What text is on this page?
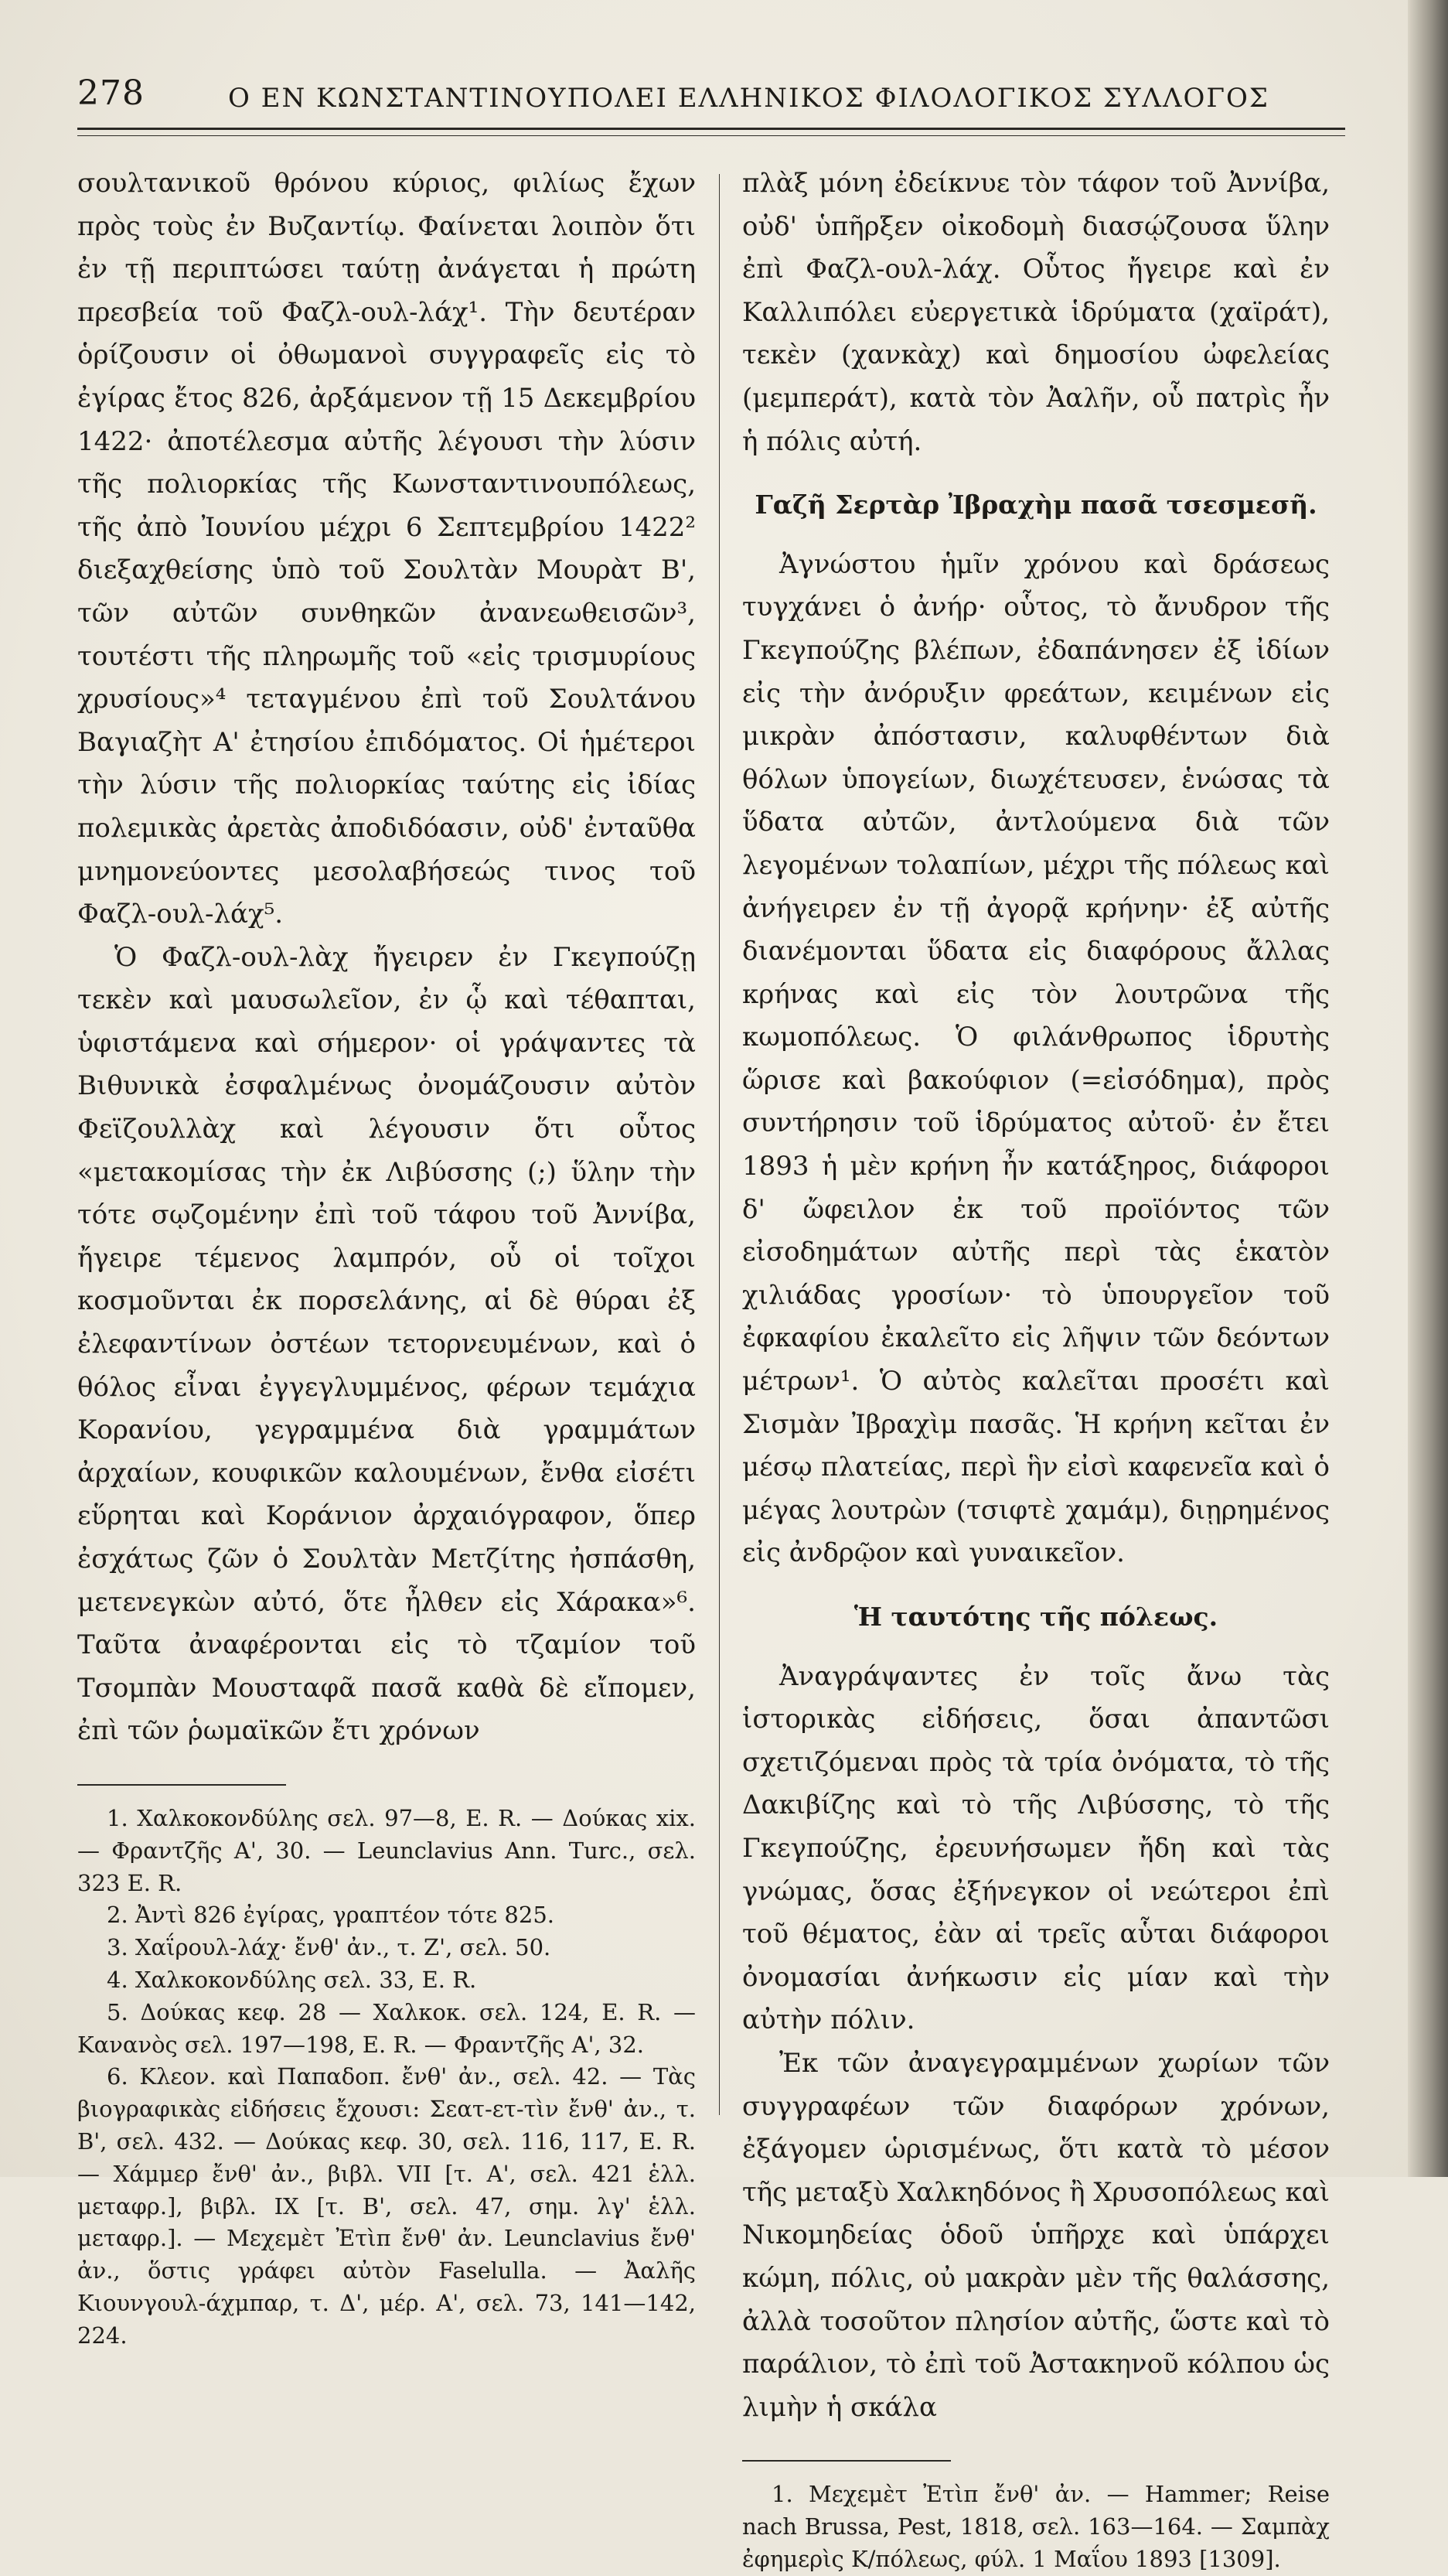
278	Ο ΕΝ ΚΩΝΣΤΑΝΤΙΝΟΥΠΟΛΕΙ ΕΛΛΗΝΙΚΟΣ ΦΙΛΟΛΟΓΙΚΟΣ ΣΥΛΛΟΓΟΣ

σουλτανικοῦ θρόνου κύριος, φιλίως ἔχων πρὸς τοὺς ἐν Βυζαντίῳ. Φαίνεται λοιπὸν ὅτι ἐν τῇ περιπτώσει ταύτῃ ἀνάγεται ἡ πρώτη πρεσβεία τοῦ Φαζλ-ουλ-λάχ¹. Τὴν δευτέραν ὁρίζουσιν οἱ ὀθωμανοὶ συγγραφεῖς εἰς τὸ ἐγίρας ἔτος 826, ἀρξάμενον τῇ 15 Δεκεμβρίου 1422· ἀποτέλεσμα αὐτῆς λέγουσι τὴν λύσιν τῆς πολιορκίας τῆς Κωνσταντινουπόλεως, τῆς ἀπὸ Ἰουνίου μέχρι 6 Σεπτεμβρίου 1422² διεξαχθείσης ὑπὸ τοῦ Σουλτὰν Μουρὰτ Β', τῶν αὐτῶν συνθηκῶν ἀνανεωθεισῶν³, τουτέστι τῆς πληρωμῆς τοῦ «εἰς τρισμυρίους χρυσίους»⁴ τεταγμένου ἐπὶ τοῦ Σουλτάνου Βαγιαζὴτ Α' ἐτησίου ἐπιδόματος. Οἱ ἡμέτεροι τὴν λύσιν τῆς πολιορκίας ταύτης εἰς ἰδίας πολεμικὰς ἀρετὰς ἀποδιδόασιν, οὐδ' ἐνταῦθα μνημονεύοντες μεσολαβήσεώς τινος τοῦ Φαζλ-ουλ-λάχ⁵.

Ὁ Φαζλ-ουλ-λὰχ ἤγειρεν ἐν Γκεγπούζῃ τεκὲν καὶ μαυσωλεῖον, ἐν ᾧ καὶ τέθαπται, ὑφιστάμενα καὶ σήμερον· οἱ γράψαντες τὰ Βιθυνικὰ ἐσφαλμένως ὀνομάζουσιν αὐτὸν Φεϊζουλλὰχ καὶ λέγουσιν ὅτι οὗτος «μετακομίσας τὴν ἐκ Λιβύσσης (;) ὕλην τὴν τότε σῳζομένην ἐπὶ τοῦ τάφου τοῦ Ἀννίβα, ἤγειρε τέμενος λαμπρόν, οὗ οἱ τοῖχοι κοσμοῦνται ἐκ πορσελάνης, αἱ δὲ θύραι ἐξ ἐλεφαντίνων ὀστέων τετορνευμένων, καὶ ὁ θόλος εἶναι ἐγγεγλυμμένος, φέρων τεμάχια Κορανίου, γεγραμμένα διὰ γραμμάτων ἀρχαίων, κουφικῶν καλουμένων, ἔνθα εἰσέτι εὕρηται καὶ Κοράνιον ἀρχαιόγραφον, ὅπερ ἐσχάτως ζῶν ὁ Σουλτὰν Μετζίτης ἠσπάσθη, μετενεγκὼν αὐτό, ὅτε ἦλθεν εἰς Χάρακα»⁶. Ταῦτα ἀναφέρονται εἰς τὸ τζαμίον τοῦ Τσομπὰν Μουσταφᾶ πασᾶ καθὰ δὲ εἴπομεν, ἐπὶ τῶν ῥωμαϊκῶν ἔτι χρόνων

1. Χαλκοκονδύλης σελ. 97—8, E. R. — Δούκας xix. — Φραντζῆς Α', 30. — Leunclavius Ann. Turc., σελ. 323 E. R.

2. Ἀντὶ 826 ἐγίρας, γραπτέον τότε 825.

3. Χαΐρουλ-λάχ· ἔνθ' ἀν., τ. Ζ', σελ. 50.

4. Χαλκοκονδύλης σελ. 33, E. R.

5. Δούκας κεφ. 28 — Χαλκοκ. σελ. 124, E. R. — Κανανὸς σελ. 197—198, E. R. — Φραντζῆς Α', 32.

6. Κλεον. καὶ Παπαδοπ. ἔνθ' ἀν., σελ. 42. — Τὰς βιογραφικὰς εἰδήσεις ἔχουσι: Σεατ-ετ-τὶν ἔνθ' ἀν., τ. Β', σελ. 432. — Δούκας κεφ. 30, σελ. 116, 117, E. R. — Χάμμερ ἔνθ' ἀν., βιβλ. VII [τ. Α', σελ. 421 ἑλλ. μεταφρ.], βιβλ. IX [τ. Β', σελ. 47, σημ. λγ' ἑλλ. μεταφρ.]. — Μεχεμὲτ Ἐτὶπ ἔνθ' ἀν. Leunclavius ἔνθ' ἀν., ὅστις γράφει αὐτὸν Faselulla. — Ἀαλῆς Κιουνγουλ-άχμπαρ, τ. Δ', μέρ. Α', σελ. 73, 141—142, 224.

πλὰξ μόνη ἐδείκνυε τὸν τάφον τοῦ Ἀννίβα, οὐδ' ὑπῆρξεν οἰκοδομὴ διασῴζουσα ὕλην ἐπὶ Φαζλ-ουλ-λάχ. Οὗτος ἤγειρε καὶ ἐν Καλλιπόλει εὐεργετικὰ ἱδρύματα (χαϊράτ), τεκὲν (χανκὰχ) καὶ δημοσίου ὠφελείας (μεμπεράτ), κατὰ τὸν Ἀαλῆν, οὗ πατρὶς ἦν ἡ πόλις αὐτή.

Γαζῆ Σερτὰρ Ἰβραχὴμ πασᾶ τσεσμεσῆ.

Ἀγνώστου ἡμῖν χρόνου καὶ δράσεως τυγχάνει ὁ ἀνήρ· οὗτος, τὸ ἄνυδρον τῆς Γκεγπούζης βλέπων, ἐδαπάνησεν ἐξ ἰδίων εἰς τὴν ἀνόρυξιν φρεάτων, κειμένων εἰς μικρὰν ἀπόστασιν, καλυφθέντων διὰ θόλων ὑπογείων, διωχέτευσεν, ἑνώσας τὰ ὕδατα αὐτῶν, ἀντλούμενα διὰ τῶν λεγομένων τολαπίων, μέχρι τῆς πόλεως καὶ ἀνήγειρεν ἐν τῇ ἀγορᾷ κρήνην· ἐξ αὐτῆς διανέμονται ὕδατα εἰς διαφόρους ἄλλας κρήνας καὶ εἰς τὸν λουτρῶνα τῆς κωμοπόλεως. Ὁ φιλάνθρωπος ἱδρυτὴς ὥρισε καὶ βακούφιον (=εἰσόδημα), πρὸς συντήρησιν τοῦ ἱδρύματος αὐτοῦ· ἐν ἔτει 1893 ἡ μὲν κρήνη ἦν κατάξηρος, διάφοροι δ' ὤφειλον ἐκ τοῦ προϊόντος τῶν εἰσοδημάτων αὐτῆς περὶ τὰς ἑκατὸν χιλιάδας γροσίων· τὸ ὑπουργεῖον τοῦ ἐφκαφίου ἐκαλεῖτο εἰς λῆψιν τῶν δεόντων μέτρων¹. Ὁ αὐτὸς καλεῖται προσέτι καὶ Σισμὰν Ἰβραχὶμ πασᾶς. Ἡ κρήνη κεῖται ἐν μέσῳ πλατείας, περὶ ἣν εἰσὶ καφενεῖα καὶ ὁ μέγας λουτρὼν (τσιφτὲ χαμάμ), διῃρημένος εἰς ἀνδρῷον καὶ γυναικεῖον.

Ἡ ταυτότης τῆς πόλεως.

Ἀναγράψαντες ἐν τοῖς ἄνω τὰς ἱστορικὰς εἰδήσεις, ὅσαι ἀπαντῶσι σχετιζόμεναι πρὸς τὰ τρία ὀνόματα, τὸ τῆς Δακιβίζης καὶ τὸ τῆς Λιβύσσης, τὸ τῆς Γκεγπούζης, ἐρευνήσωμεν ἤδη καὶ τὰς γνώμας, ὅσας ἐξήνεγκον οἱ νεώτεροι ἐπὶ τοῦ θέματος, ἐὰν αἱ τρεῖς αὗται διάφοροι ὀνομασίαι ἀνήκωσιν εἰς μίαν καὶ τὴν αὐτὴν πόλιν.

Ἐκ τῶν ἀναγεγραμμένων χωρίων τῶν συγγραφέων τῶν διαφόρων χρόνων, ἐξάγομεν ὡρισμένως, ὅτι κατὰ τὸ μέσον τῆς μεταξὺ Χαλκηδόνος ἢ Χρυσοπόλεως καὶ Νικομηδείας ὁδοῦ ὑπῆρχε καὶ ὑπάρχει κώμη, πόλις, οὐ μακρὰν μὲν τῆς θαλάσσης, ἀλλὰ τοσοῦτον πλησίον αὐτῆς, ὥστε καὶ τὸ παράλιον, τὸ ἐπὶ τοῦ Ἀστακηνοῦ κόλπου ὡς λιμὴν ἡ σκάλα

1. Μεχεμὲτ Ἐτὶπ ἔνθ' ἀν. — Hammer; Reise nach Brussa, Pest, 1818, σελ. 163—164. — Σαμπὰχ ἐφημερὶς Κ/πόλεως, φύλ. 1 Μαΐου 1893 [1309].
